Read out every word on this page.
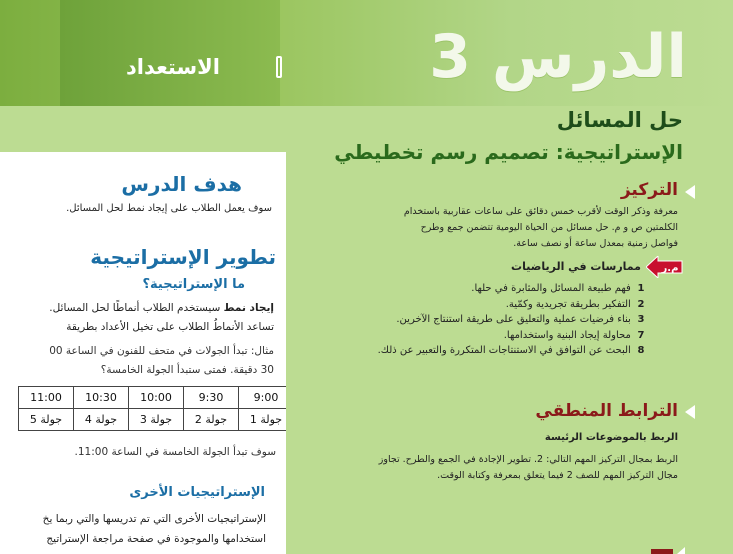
الاستعداد	الدرس 3
حل المسائل
الإستراتيجية: تصميم رسم تخطيطي
هدف الدرس
سوف يعمل الطلاب على إيجاد نمط لحل المسائل.
تطوير الإستراتيجية
ما الإستراتيجية؟
إيجاد نمط سيستخدم الطلاب أنماطًا لحل المسائل.
تساعد الأنماطُ الطلاب على تخيل الأعداد بطريقة
مثال: تبدأ الجولات في متحف للفنون في الساعة 00
30 دقيقة. فمتى ستبدأ الجولة الخامسة؟
9:00	9:30	10:00	10:30	11:00
جولة 1	جولة 2	جولة 3	جولة 4	جولة 5
سوف تبدأ الجولة الخامسة في الساعة 11:00.
الإستراتيجيات الأخرى
الإستراتيجيات الأخرى التي تم تدريسها والتي ربما يخ
استخدامها والموجودة في صفحة مراجعة الإستراتيج
التركيز
معرفة وذكر الوقت لأقرب خمس دقائق على ساعات عقاربية باستخدام
الكلمتين ص و م. حل مسائل من الحياة اليومية تتضمن جمع وطرح
فواصل زمنية بمعدل ساعة أو نصف ساعة.
م.ر
ممارسات في الرياضيات
1 فهم طبيعة المسائل والمثابرة في حلها.
2 التفكير بطريقة تجريدية وكمّية.
3 بناء فرضيات عملية والتعليق على طريقة استنتاج الآخرين.
7 محاولة إيجاد البنية واستخدامها.
8 البحث عن التوافق في الاستنتاجات المتكررة والتعبير عن ذلك.
الترابط المنطقي
الربط بالموضوعات الرئيسة
الربط بمجال التركيز المهم التالي: 2. تطوير الإجادة في الجمع والطرح. تجاوز
مجال التركيز المهم للصف 2 فيما يتعلق بمعرفة وكتابة الوقت.
